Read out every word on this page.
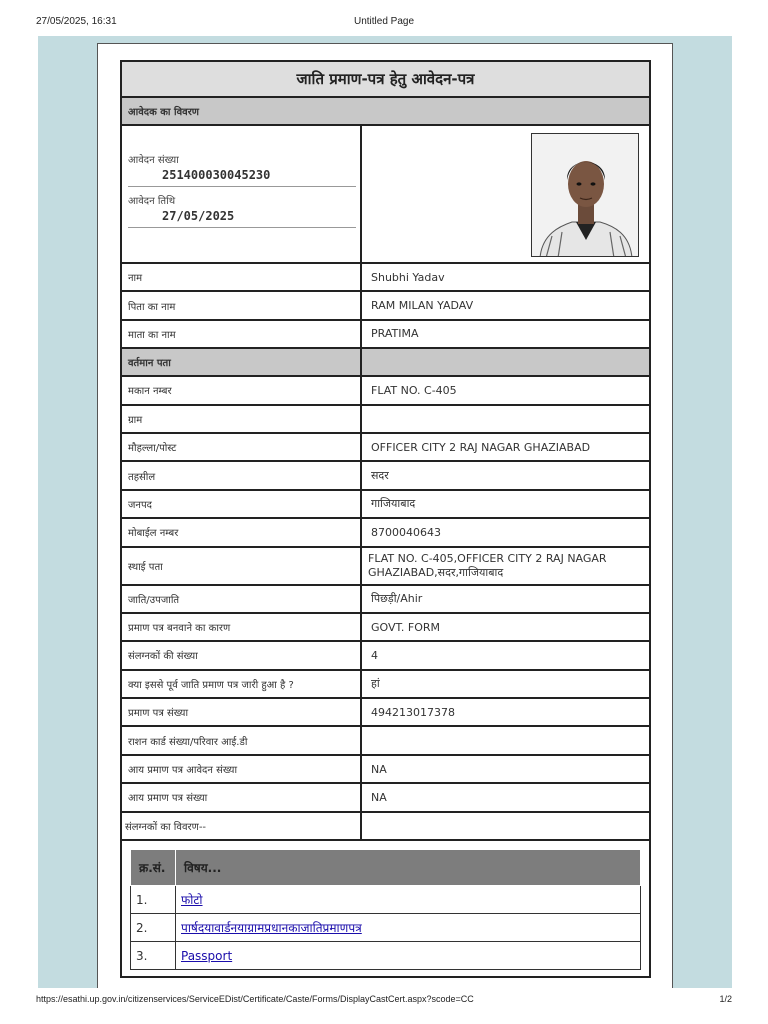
27/05/2025, 16:31	Untitled Page
जाति प्रमाण-पत्र हेतु आवेदन-पत्र
आवेदक का विवरण

आवेदन संख्या
251400030045230
आवेदन तिथि
27/05/2025

नाम	Shubhi Yadav
पिता का नाम	RAM MILAN YADAV
माता का नाम	PRATIMA
वर्तमान पता	
मकान नम्बर	FLAT NO. C-405
ग्राम	
मौहल्ला/पोस्ट	OFFICER CITY 2 RAJ NAGAR GHAZIABAD
तहसील	सदर
जनपद	गाजियाबाद
मोबाईल नम्बर	8700040643
स्थाई पता	
FLAT NO. C-405,OFFICER CITY 2 RAJ NAGAR
GHAZIABAD,सदर,गाजियाबाद

जाति/उपजाति	पिछड़ी/Ahir
प्रमाण पत्र बनवाने का कारण	GOVT. FORM
संलग्नकों की संख्या	4
क्या इससे पूर्व जाति प्रमाण पत्र जारी हुआ है ?	हां
प्रमाण पत्र संख्या	494213017378
राशन कार्ड संख्या/परिवार आई.डी	
आय प्रमाण पत्र आवेदन संख्या	NA
आय प्रमाण पत्र संख्या	NA
संलग्नकों का विवरण--	

क्र.सं.	विषय...
1.	फोटो
2.	पार्षदयावार्डनयाग्रामप्रधानकाजातिप्रमाणपत्र
3.	Passport
https://esathi.up.gov.in/citizenservices/ServiceEDist/Certificate/Caste/Forms/DisplayCastCert.aspx?scode=CC	1/2
